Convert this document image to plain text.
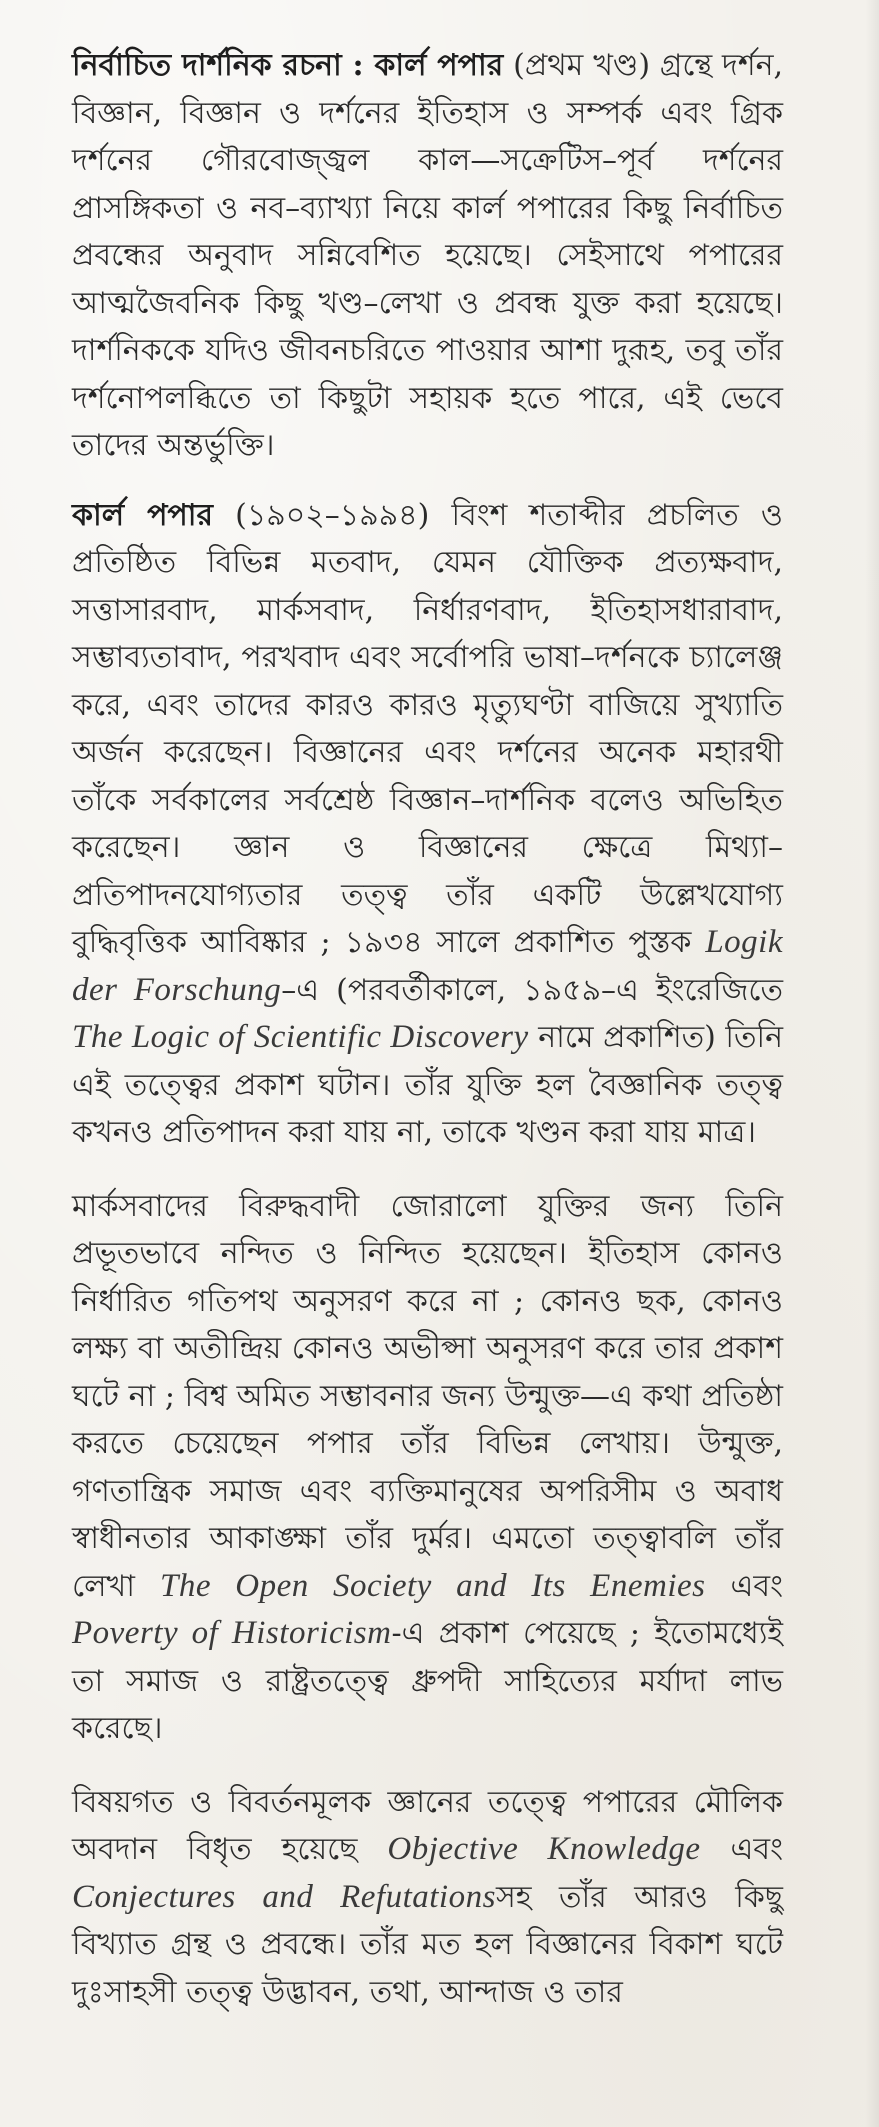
নির্বাচিত দার্শনিক রচনা : কার্ল পপার (প্রথম খণ্ড) গ্রন্থে দর্শন, বিজ্ঞান, বিজ্ঞান ও দর্শনের ইতিহাস ও সম্পর্ক এবং গ্রিক দর্শনের গৌরবোজ্জ্বল কাল—সক্রেটিস–পূর্ব দর্শনের প্রাসঙ্গিকতা ও নব–ব্যাখ্যা নিয়ে কার্ল পপারের কিছু নির্বাচিত প্রবন্ধের অনুবাদ সন্নিবেশিত হয়েছে। সেইসাথে পপারের আত্মজৈবনিক কিছু খণ্ড–লেখা ও প্রবন্ধ যুক্ত করা হয়েছে। দার্শনিককে যদিও জীবনচরিতে পাওয়ার আশা দুরূহ, তবু তাঁর দর্শনোপলব্ধিতে তা কিছুটা সহায়ক হতে পারে, এই ভেবে তাদের অন্তর্ভুক্তি।

কার্ল পপার (১৯০২–১৯৯৪) বিংশ শতাব্দীর প্রচলিত ও প্রতিষ্ঠিত বিভিন্ন মতবাদ, যেমন যৌক্তিক প্রত্যক্ষবাদ, সত্তাসারবাদ, মার্কসবাদ, নির্ধারণবাদ, ইতিহাসধারাবাদ, সম্ভাব্যতাবাদ, পরখবাদ এবং সর্বোপরি ভাষা–দর্শনকে চ্যালেঞ্জ করে, এবং তাদের কারও কারও মৃত্যুঘণ্টা বাজিয়ে সুখ্যাতি অর্জন করেছেন। বিজ্ঞানের এবং দর্শনের অনেক মহারথী তাঁকে সর্বকালের সর্বশ্রেষ্ঠ বিজ্ঞান–দার্শনিক বলেও অভিহিত করেছেন। জ্ঞান ও বিজ্ঞানের ক্ষেত্রে মিথ্যা–প্রতিপাদনযোগ্যতার তত্ত্ব তাঁর একটি উল্লেখযোগ্য বুদ্ধিবৃত্তিক আবিষ্কার ; ১৯৩৪ সালে প্রকাশিত পুস্তক Logik der Forschung–এ (পরবর্তীকালে, ১৯৫৯–এ ইংরেজিতে The Logic of Scientific Discovery নামে প্রকাশিত) তিনি এই তত্ত্বের প্রকাশ ঘটান। তাঁর যুক্তি হল বৈজ্ঞানিক তত্ত্ব কখনও প্রতিপাদন করা যায় না, তাকে খণ্ডন করা যায় মাত্র।

মার্কসবাদের বিরুদ্ধবাদী জোরালো যুক্তির জন্য তিনি প্রভূতভাবে নন্দিত ও নিন্দিত হয়েছেন। ইতিহাস কোনও নির্ধারিত গতিপথ অনুসরণ করে না ; কোনও ছক, কোনও লক্ষ্য বা অতীন্দ্রিয় কোনও অভীপ্সা অনুসরণ করে তার প্রকাশ ঘটে না ; বিশ্ব অমিত সম্ভাবনার জন্য উন্মুক্ত—এ কথা প্রতিষ্ঠা করতে চেয়েছেন পপার তাঁর বিভিন্ন লেখায়। উন্মুক্ত, গণতান্ত্রিক সমাজ এবং ব্যক্তিমানুষের অপরিসীম ও অবাধ স্বাধীনতার আকাঙ্ক্ষা তাঁর দুর্মর। এমতো তত্ত্বাবলি তাঁর লেখা The Open Society and Its Enemies এবং Poverty of Historicism-এ প্রকাশ পেয়েছে ; ইতোমধ্যেই তা সমাজ ও রাষ্ট্রতত্ত্বে ধ্রুপদী সাহিত্যের মর্যাদা লাভ করেছে।

বিষয়গত ও বিবর্তনমূলক জ্ঞানের তত্ত্বে পপারের মৌলিক অবদান বিধৃত হয়েছে Objective Knowledge এবং Conjectures and Refutationsসহ তাঁর আরও কিছু বিখ্যাত গ্রন্থ ও প্রবন্ধে। তাঁর মত হল বিজ্ঞানের বিকাশ ঘটে দুঃসাহসী তত্ত্ব উদ্ভাবন, তথা, আন্দাজ ও তার
